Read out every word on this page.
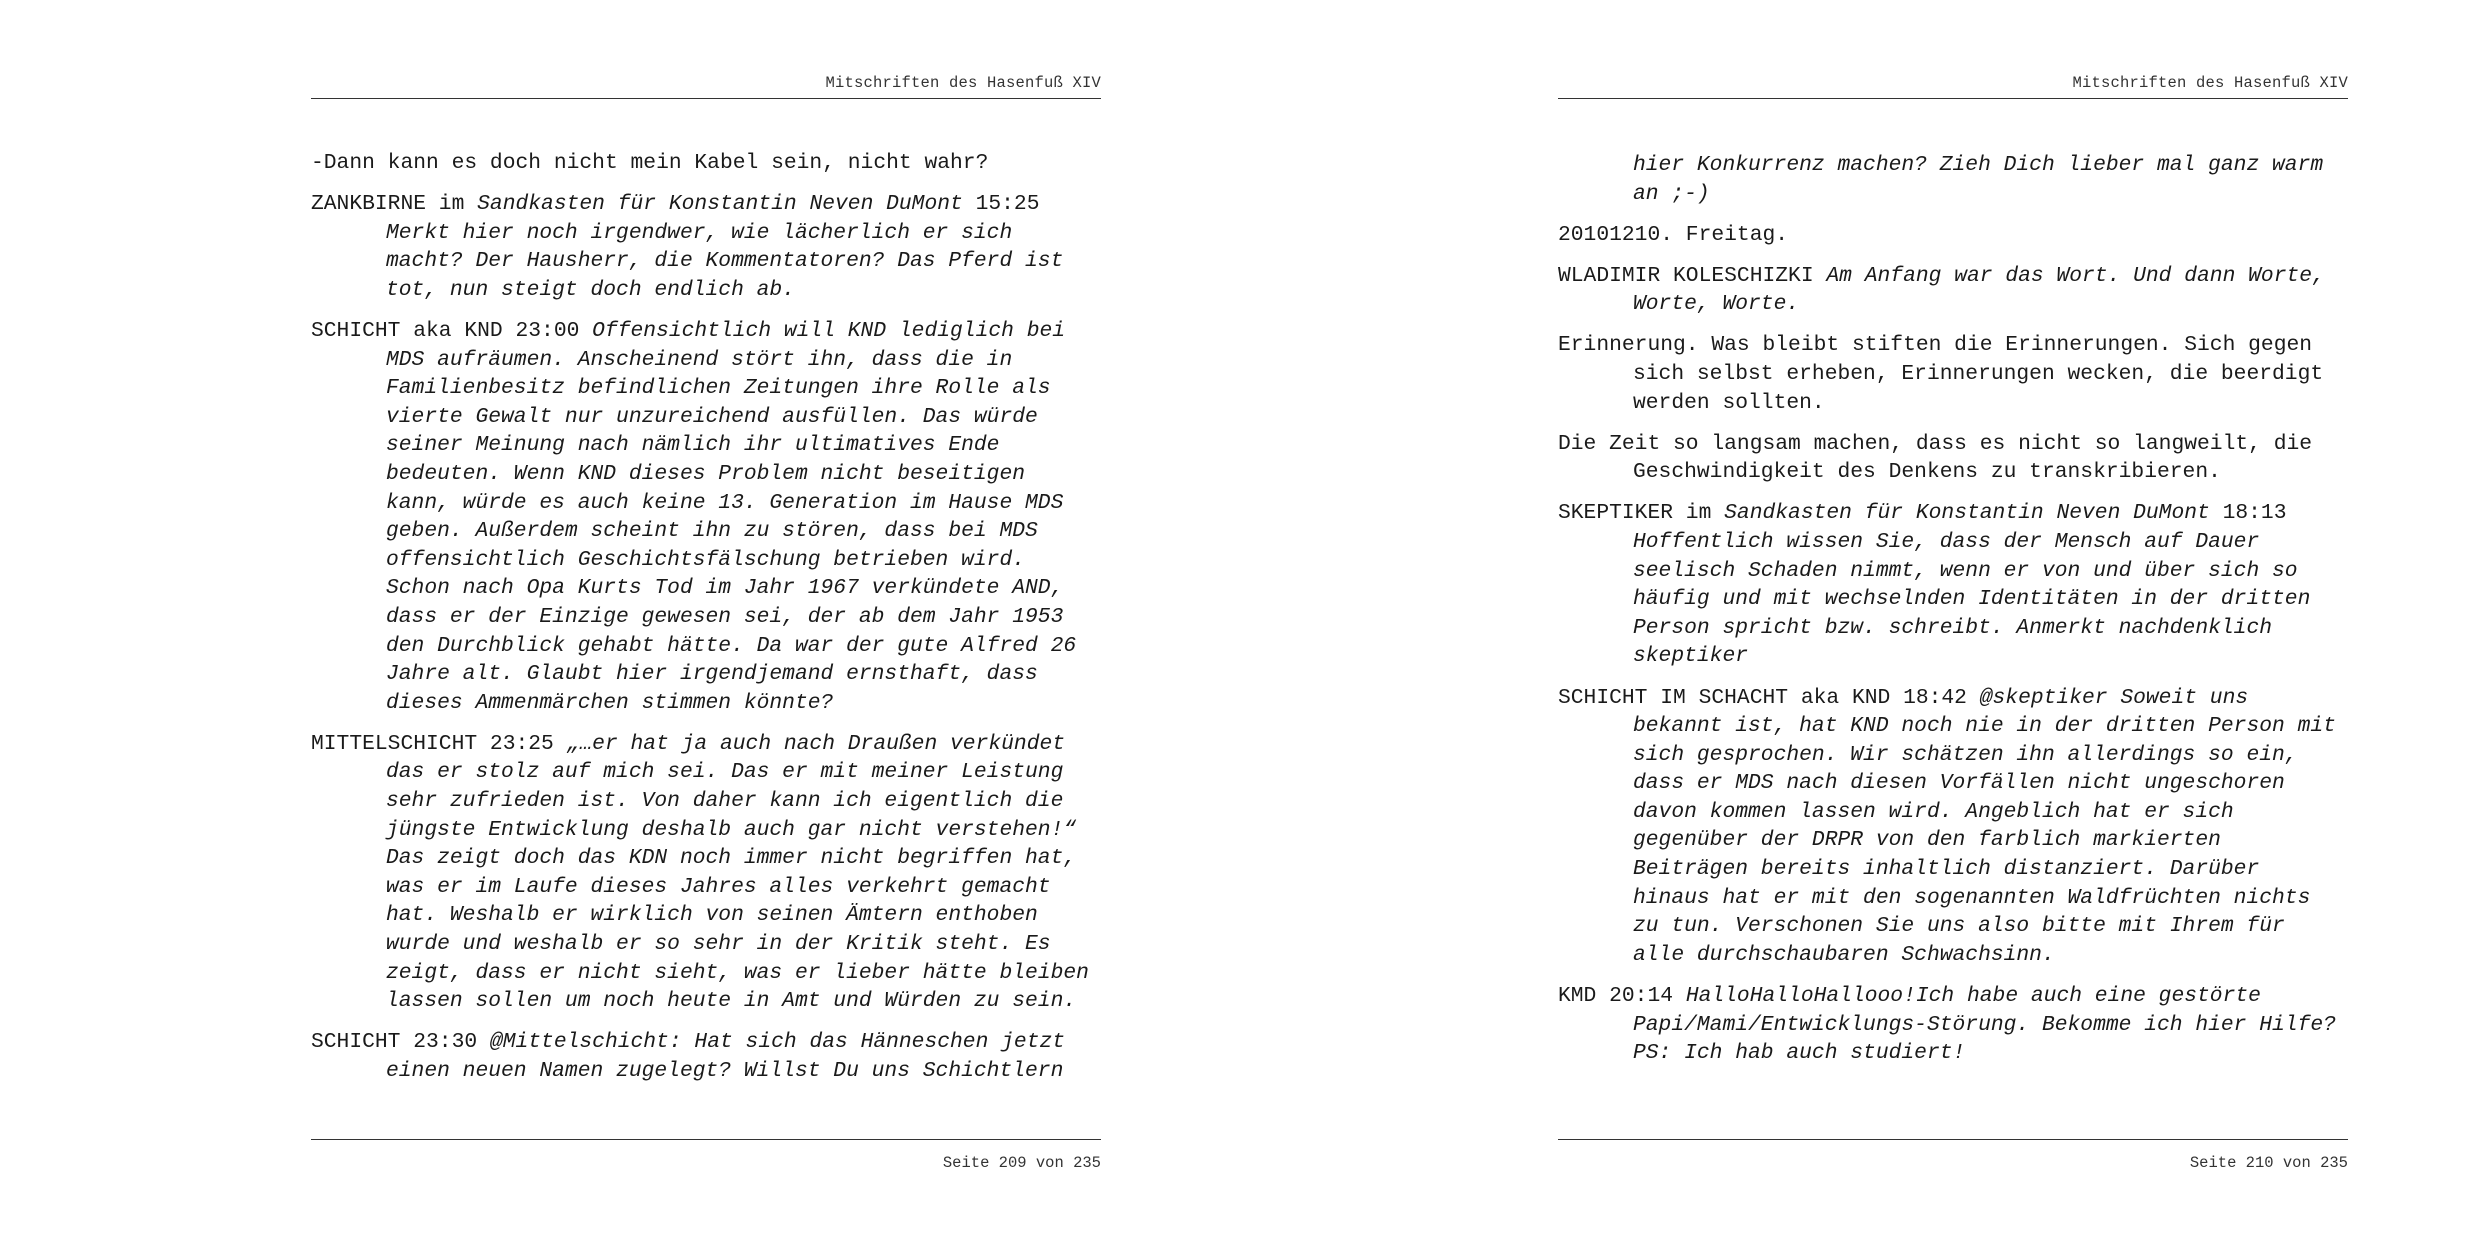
Mitschriften des Hasenfuß XIV

-Dann kann es doch nicht mein Kabel sein, nicht wahr?

ZANKBIRNE im Sandkasten für Konstantin Neven DuMont 15:25 Merkt hier noch irgendwer, wie lächerlich er sich macht? Der Hausherr, die Kommentatoren? Das Pferd ist tot, nun steigt doch endlich ab.

SCHICHT aka KND 23:00 Offensichtlich will KND lediglich bei MDS aufräumen. Anscheinend stört ihn, dass die in Familienbesitz befindlichen Zeitungen ihre Rolle als vierte Gewalt nur unzureichend ausfüllen. Das würde seiner Meinung nach nämlich ihr ultimatives Ende bedeuten. Wenn KND dieses Problem nicht beseitigen kann, würde es auch keine 13. Generation im Hause MDS geben. Außerdem scheint ihn zu stören, dass bei MDS offensichtlich Geschichtsfälschung betrieben wird. Schon nach Opa Kurts Tod im Jahr 1967 verkündete AND, dass er der Einzige gewesen sei, der ab dem Jahr 1953 den Durchblick gehabt hätte. Da war der gute Alfred 26 Jahre alt. Glaubt hier irgendjemand ernsthaft, dass dieses Ammenmärchen stimmen könnte?

MITTELSCHICHT 23:25 „…er hat ja auch nach Draußen verkündet das er stolz auf mich sei. Das er mit meiner Leistung sehr zufrieden ist. Von daher kann ich eigentlich die jüngste Entwicklung deshalb auch gar nicht verstehen!“ Das zeigt doch das KDN noch immer nicht begriffen hat, was er im Laufe dieses Jahres alles verkehrt gemacht hat. Weshalb er wirklich von seinen Ämtern enthoben wurde und weshalb er so sehr in der Kritik steht. Es zeigt, dass er nicht sieht, was er lieber hätte bleiben lassen sollen um noch heute in Amt und Würden zu sein.

SCHICHT 23:30 @Mittelschicht: Hat sich das Hänneschen jetzt einen neuen Namen zugelegt? Willst Du uns Schichtlern

Seite 209 von 235
Mitschriften des Hasenfuß XIV

hier Konkurrenz machen? Zieh Dich lieber mal ganz warm an ;-)

20101210. Freitag.

WLADIMIR KOLESCHIZKI Am Anfang war das Wort. Und dann Worte, Worte, Worte.

Erinnerung. Was bleibt stiften die Erinnerungen. Sich gegen sich selbst erheben, Erinnerungen wecken, die beerdigt werden sollten.

Die Zeit so langsam machen, dass es nicht so langweilt, die Geschwindigkeit des Denkens zu transkribieren.

SKEPTIKER im Sandkasten für Konstantin Neven DuMont 18:13 Hoffentlich wissen Sie, dass der Mensch auf Dauer seelisch Schaden nimmt, wenn er von und über sich so häufig und mit wechselnden Identitäten in der dritten Person spricht bzw. schreibt. Anmerkt nachdenklich skeptiker

SCHICHT IM SCHACHT aka KND 18:42 @skeptiker Soweit uns bekannt ist, hat KND noch nie in der dritten Person mit sich gesprochen. Wir schätzen ihn allerdings so ein, dass er MDS nach diesen Vorfällen nicht ungeschoren davon kommen lassen wird. Angeblich hat er sich gegenüber der DRPR von den farblich markierten Beiträgen bereits inhaltlich distanziert. Darüber hinaus hat er mit den sogenannten Waldfrüchten nichts zu tun. Verschonen Sie uns also bitte mit Ihrem für alle durchschaubaren Schwachsinn.

KMD 20:14 HalloHalloHallooo!Ich habe auch eine gestörte Papi/Mami/Entwicklungs-Störung. Bekomme ich hier Hilfe?PS: Ich hab auch studiert!

Seite 210 von 235
